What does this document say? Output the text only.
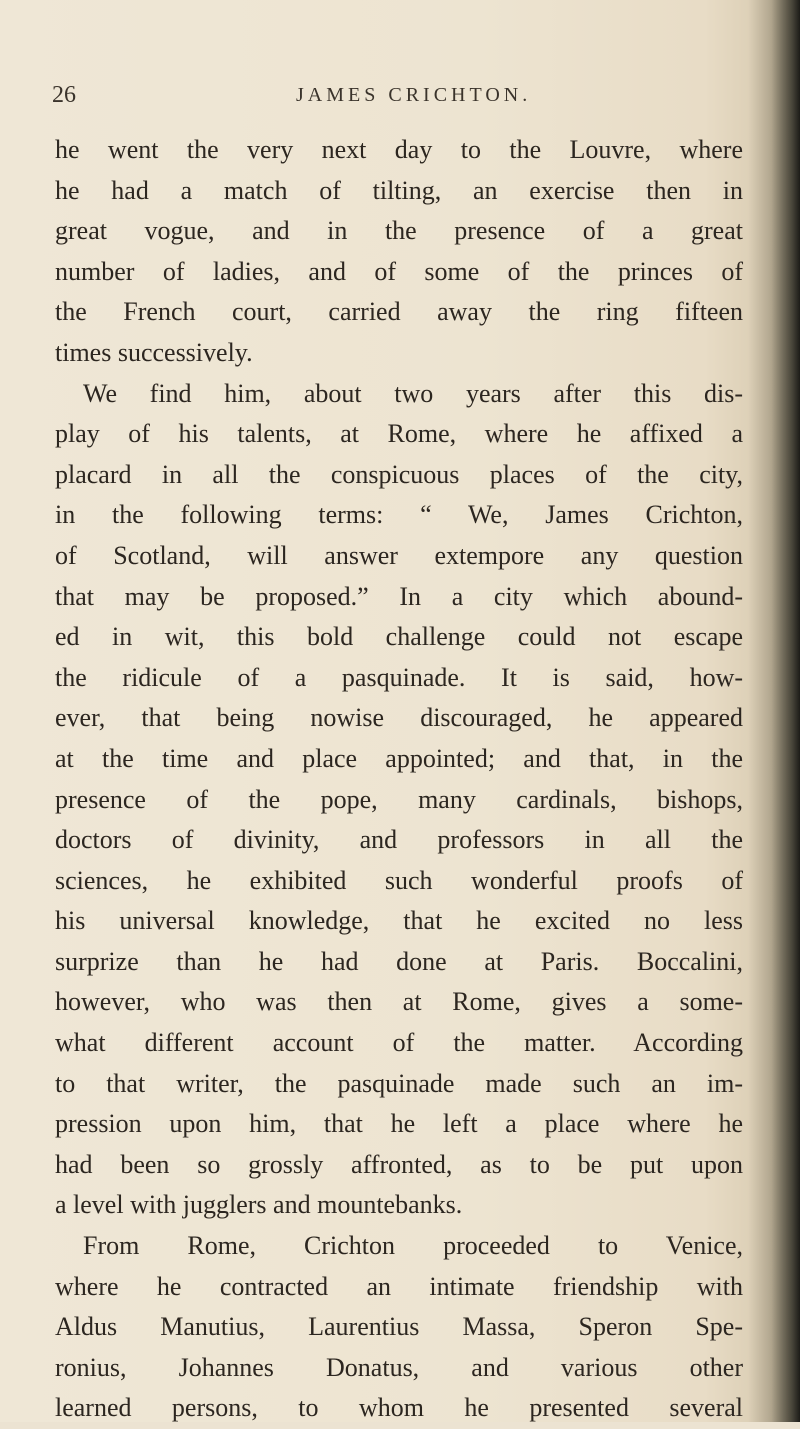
26	JAMES CRICHTON.
he went the very next day to the Louvre, where
he had a match of tilting, an exercise then in
great vogue, and in the presence of a great
number of ladies, and of some of the princes of
the French court, carried away the ring fifteen
times successively.
We find him, about two years after this dis-
play of his talents, at Rome, where he affixed a
placard in all the conspicuous places of the city,
in the following terms: “ We, James Crichton,
of Scotland, will answer extempore any question
that may be proposed.” In a city which abound-
ed in wit, this bold challenge could not escape
the ridicule of a pasquinade. It is said, how-
ever, that being nowise discouraged, he appeared
at the time and place appointed; and that, in the
presence of the pope, many cardinals, bishops,
doctors of divinity, and professors in all the
sciences, he exhibited such wonderful proofs of
his universal knowledge, that he excited no less
surprize than he had done at Paris. Boccalini,
however, who was then at Rome, gives a some-
what different account of the matter. According
to that writer, the pasquinade made such an im-
pression upon him, that he left a place where he
had been so grossly affronted, as to be put upon
a level with jugglers and mountebanks.
From Rome, Crichton proceeded to Venice,
where he contracted an intimate friendship with
Aldus Manutius, Laurentius Massa, Speron Spe-
ronius, Johannes Donatus, and various other
learned persons, to whom he presented several
